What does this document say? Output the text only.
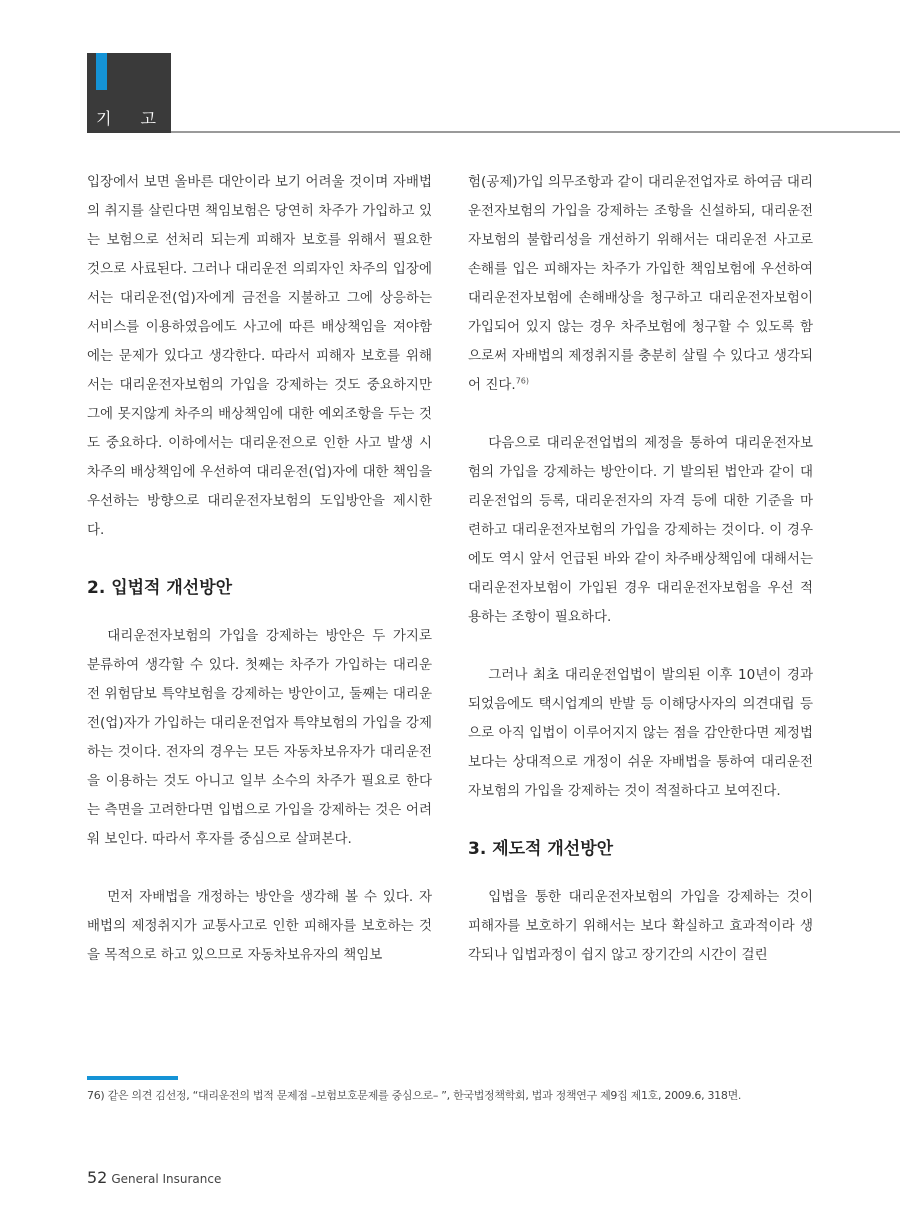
기 고

입장에서 보면 올바른 대안이라 보기 어려울 것이며 자배법의 취지를 살린다면 책임보험은 당연히 차주가 가입하고 있는 보험으로 선처리 되는게 피해자 보호를 위해서 필요한 것으로 사료된다. 그러나 대리운전 의뢰자인 차주의 입장에서는 대리운전(업)자에게 금전을 지불하고 그에 상응하는 서비스를 이용하였음에도 사고에 따른 배상책임을 져야함에는 문제가 있다고 생각한다. 따라서 피해자 보호를 위해서는 대리운전자보험의 가입을 강제하는 것도 중요하지만 그에 못지않게 차주의 배상책임에 대한 예외조항을 두는 것도 중요하다. 이하에서는 대리운전으로 인한 사고 발생 시 차주의 배상책임에 우선하여 대리운전(업)자에 대한 책임을 우선하는 방향으로 대리운전자보험의 도입방안을 제시한다.

2. 입법적 개선방안

대리운전자보험의 가입을 강제하는 방안은 두 가지로 분류하여 생각할 수 있다. 첫째는 차주가 가입하는 대리운전 위험담보 특약보험을 강제하는 방안이고, 둘째는 대리운전(업)자가 가입하는 대리운전업자 특약보험의 가입을 강제하는 것이다. 전자의 경우는 모든 자동차보유자가 대리운전을 이용하는 것도 아니고 일부 소수의 차주가 필요로 한다는 측면을 고려한다면 입법으로 가입을 강제하는 것은 어려워 보인다. 따라서 후자를 중심으로 살펴본다.

먼저 자배법을 개정하는 방안을 생각해 볼 수 있다. 자배법의 제정취지가 교통사고로 인한 피해자를 보호하는 것을 목적으로 하고 있으므로 자동차보유자의 책임보

험(공제)가입 의무조항과 같이 대리운전업자로 하여금 대리운전자보험의 가입을 강제하는 조항을 신설하되, 대리운전자보험의 불합리성을 개선하기 위해서는 대리운전 사고로 손해를 입은 피해자는 차주가 가입한 책임보험에 우선하여 대리운전자보험에 손해배상을 청구하고 대리운전자보험이 가입되어 있지 않는 경우 차주보험에 청구할 수 있도록 함으로써 자배법의 제정취지를 충분히 살릴 수 있다고 생각되어 진다.$^{76)}$

다음으로 대리운전업법의 제정을 통하여 대리운전자보험의 가입을 강제하는 방안이다. 기 발의된 법안과 같이 대리운전업의 등록, 대리운전자의 자격 등에 대한 기준을 마련하고 대리운전자보험의 가입을 강제하는 것이다. 이 경우에도 역시 앞서 언급된 바와 같이 차주배상책임에 대해서는 대리운전자보험이 가입된 경우 대리운전자보험을 우선 적용하는 조항이 필요하다.

그러나 최초 대리운전업법이 발의된 이후 10년이 경과되었음에도 택시업계의 반발 등 이해당사자의 의견대립 등으로 아직 입법이 이루어지지 않는 점을 감안한다면 제정법 보다는 상대적으로 개정이 쉬운 자배법을 통하여 대리운전자보험의 가입을 강제하는 것이 적절하다고 보여진다.

3. 제도적 개선방안

입법을 통한 대리운전자보험의 가입을 강제하는 것이 피해자를 보호하기 위해서는 보다 확실하고 효과적이라 생각되나 입법과정이 쉽지 않고 장기간의 시간이 걸린

76) 같은 의견 김선정, “대리운전의 법적 문제점 –보험보호문제를 중심으로– ”, 한국법정책학회, 법과 정책연구 제9집 제1호, 2009.6, 318면.
52 General Insurance
